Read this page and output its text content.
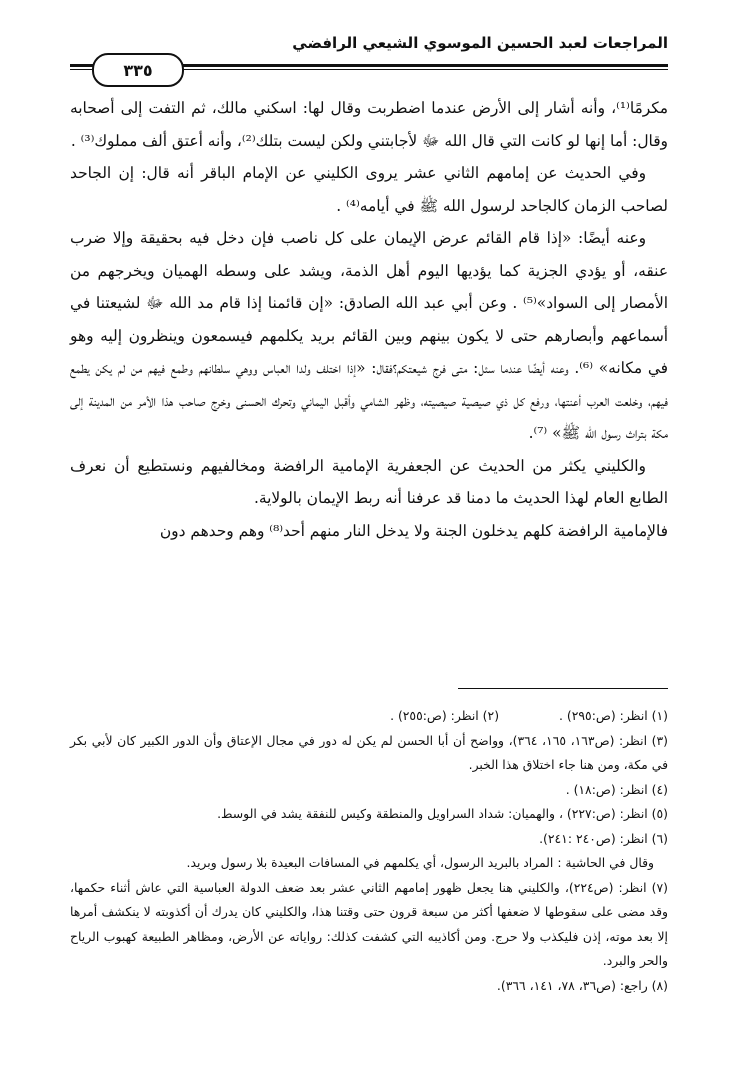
المراجعات لعبد الحسين الموسوي الشيعي الرافضي
٣٣٥

مكرمًا⁽¹⁾، وأنه أشار إلى الأرض عندما اضطربت وقال لها: اسكني مالك، ثم التفت إلى أصحابه وقال: أما إنها لو كانت التي قال الله ﷻ لأجابتني ولكن ليست بتلك⁽²⁾، وأنه أعتق ألف مملوك⁽³⁾ .

وفي الحديث عن إمامهم الثاني عشر يروى الكليني عن الإمام الباقر أنه قال: إن الجاحد لصاحب الزمان كالجاحد لرسول الله ﷺ في أيامه⁽⁴⁾ .

وعنه أيضًا: «إذا قام القائم عرض الإيمان على كل ناصب فإن دخل فيه بحقيقة وإلا ضرب عنقه، أو يؤدي الجزية كما يؤديها اليوم أهل الذمة، ويشد على وسطه الهميان ويخرجهم من الأمصار إلى السواد»⁽⁵⁾ . وعن أبي عبد الله الصادق: «إن قائمنا إذا قام مد الله ﷻ لشيعتنا في أسماعهم وأبصارهم حتى لا يكون بينهم وبين القائم بريد يكلمهم فيسمعون وينظرون إليه وهو في مكانه» ⁽⁶⁾. وعنه أيضًا عندما سئل: متى فرج شيعتكم؟فقال: «إذا اختلف ولدا العباس ووهي سلطانهم وطمع فيهم من لم يكن يطمع فيهم، وخلعت العرب أعنتها، ورفع كل ذي صيصية صيصيته، وظهر الشامي وأقبل اليماني وتحرك الحسنى وخرج صاحب هذا الأمر من المدينة إلى مكة بتراث رسول الله ﷺ» ⁽⁷⁾.

والكليني يكثر من الحديث عن الجعفرية الإمامية الرافضة ومخالفيهم ونستطيع أن نعرف الطابع العام لهذا الحديث ما دمنا قد عرفنا أنه ربط الإيمان بالولاية.

فالإمامية الرافضة كلهم يدخلون الجنة ولا يدخل النار منهم أحد⁽⁸⁾ وهم وحدهم دون

(١) انظر: (ص:٢٩٥) .
(٢) انظر: (ص:٢٥٥) .

(٣) انظر: (ص١٦٣، ١٦٥، ٣٦٤)، وواضح أن أبا الحسن لم يكن له دور في مجال الإعتاق وأن الدور الكبير كان لأبي بكر في مكة، ومن هنا جاء اختلاق هذا الخبر.

(٤) انظر: (ص:١٨) .

(٥) انظر: (ص:٢٢٧) ، والهميان: شداد السراويل والمنطقة وكيس للنفقة يشد في الوسط.

(٦) انظر: (ص٢٤٠ :٢٤١).

وقال في الحاشية : المراد بالبريد الرسول، أي يكلمهم في المسافات البعيدة بلا رسول وبريد.

(٧) انظر: (ص٢٢٤)، والكليني هنا يجعل ظهور إمامهم الثاني عشر بعد ضعف الدولة العباسية التي عاش أثناء حكمها، وقد مضى على سقوطها لا ضعفها أكثر من سبعة قرون حتى وقتنا هذا، والكليني كان يدرك أن أكذوبته لا ينكشف أمرها إلا بعد موته، إذن فليكذب ولا حرج. ومن أكاذيبه التي كشفت كذلك: رواياته عن الأرض، ومظاهر الطبيعة كهبوب الرياح والحر والبرد.

(٨) راجع: (ص٣٦، ٧٨، ١٤١، ٣٦٦).
